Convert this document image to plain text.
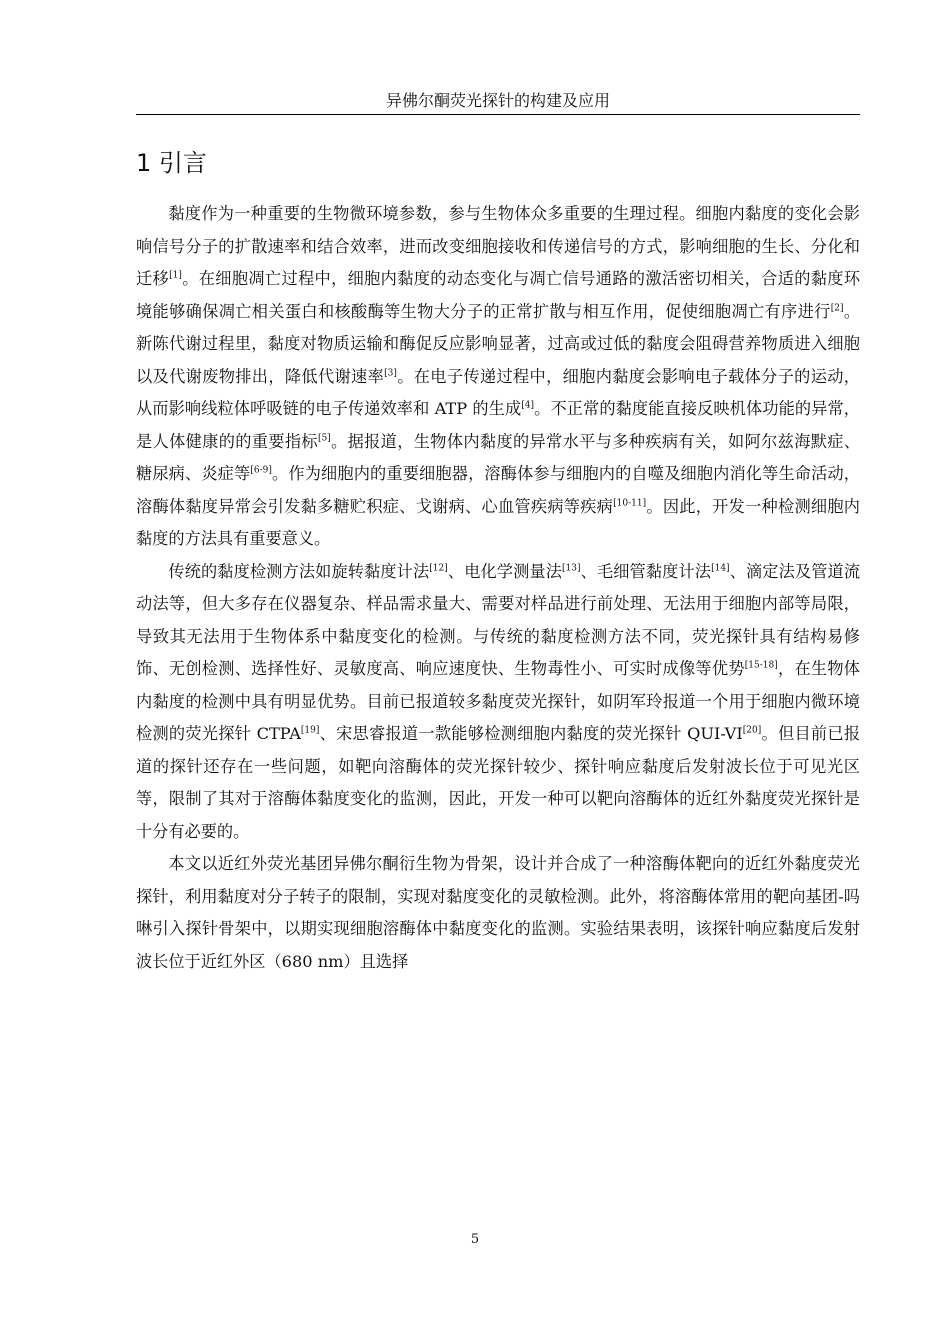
异佛尔酮荧光探针的构建及应用
1 引言

黏度作为一种重要的生物微环境参数，参与生物体众多重要的生理过程。细胞内黏度的变化会影响信号分子的扩散速率和结合效率，进而改变细胞接收和传递信号的方式，影响细胞的生长、分化和迁移[1]。在细胞凋亡过程中，细胞内黏度的动态变化与凋亡信号通路的激活密切相关，合适的黏度环境能够确保凋亡相关蛋白和核酸酶等生物大分子的正常扩散与相互作用，促使细胞凋亡有序进行[2]。新陈代谢过程里，黏度对物质运输和酶促反应影响显著，过高或过低的黏度会阻碍营养物质进入细胞以及代谢废物排出，降低代谢速率[3]。在电子传递过程中，细胞内黏度会影响电子载体分子的运动，从而影响线粒体呼吸链的电子传递效率和 ATP 的生成[4]。不正常的黏度能直接反映机体功能的异常，是人体健康的的重要指标[5]。据报道，生物体内黏度的异常水平与多种疾病有关，如阿尔兹海默症、糖尿病、炎症等[6-9]。作为细胞内的重要细胞器，溶酶体参与细胞内的自噬及细胞内消化等生命活动，溶酶体黏度异常会引发黏多糖贮积症、戈谢病、心血管疾病等疾病[10-11]。因此，开发一种检测细胞内黏度的方法具有重要意义。

传统的黏度检测方法如旋转黏度计法[12]、电化学测量法[13]、毛细管黏度计法[14]、滴定法及管道流动法等，但大多存在仪器复杂、样品需求量大、需要对样品进行前处理、无法用于细胞内部等局限，导致其无法用于生物体系中黏度变化的检测。与传统的黏度检测方法不同，荧光探针具有结构易修饰、无创检测、选择性好、灵敏度高、响应速度快、生物毒性小、可实时成像等优势[15-18]，在生物体内黏度的检测中具有明显优势。目前已报道较多黏度荧光探针，如阴军玲报道一个用于细胞内微环境检测的荧光探针 CTPA[19]、宋思睿报道一款能够检测细胞内黏度的荧光探针 QUI-VI[20]。但目前已报道的探针还存在一些问题，如靶向溶酶体的荧光探针较少、探针响应黏度后发射波长位于可见光区等，限制了其对于溶酶体黏度变化的监测，因此，开发一种可以靶向溶酶体的近红外黏度荧光探针是十分有必要的。

本文以近红外荧光基团异佛尔酮衍生物为骨架，设计并合成了一种溶酶体靶向的近红外黏度荧光探针，利用黏度对分子转子的限制，实现对黏度变化的灵敏检测。此外，将溶酶体常用的靶向基团-吗啉引入探针骨架中，以期实现细胞溶酶体中黏度变化的监测。实验结果表明，该探针响应黏度后发射波长位于近红外区（680 nm）且选择

5
